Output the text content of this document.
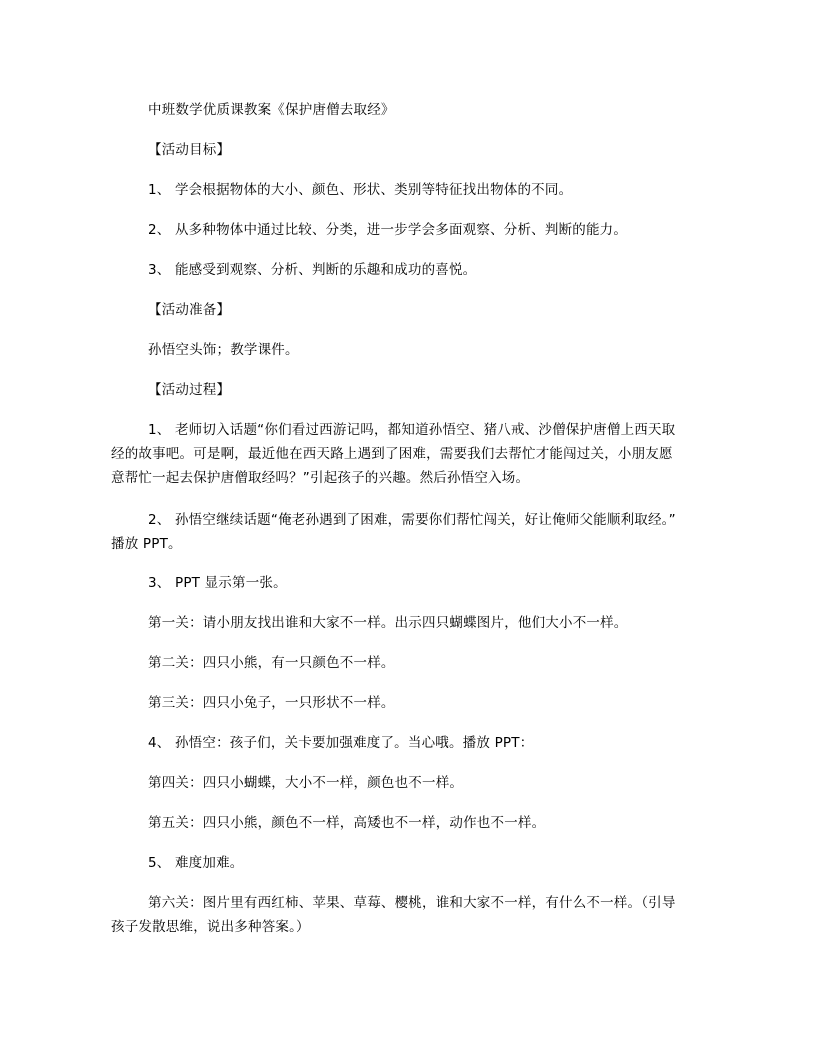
中班数学优质课教案《保护唐僧去取经》
【活动目标】
1、 学会根据物体的大小、颜色、形状、类别等特征找出物体的不同。
2、 从多种物体中通过比较、分类，进一步学会多面观察、分析、判断的能力。
3、 能感受到观察、分析、判断的乐趣和成功的喜悦。
【活动准备】
孙悟空头饰；教学课件。
【活动过程】
1、 老师切入话题“你们看过西游记吗，都知道孙悟空、猪八戒、沙僧保护唐僧上西天取
经的故事吧。可是啊，最近他在西天路上遇到了困难，需要我们去帮忙才能闯过关，小朋友愿
意帮忙一起去保护唐僧取经吗？”引起孩子的兴趣。然后孙悟空入场。
2、 孙悟空继续话题“俺老孙遇到了困难，需要你们帮忙闯关，好让俺师父能顺利取经。”
播放 PPT。
3、 PPT 显示第一张。
第一关：请小朋友找出谁和大家不一样。出示四只蝴蝶图片，他们大小不一样。
第二关：四只小熊，有一只颜色不一样。
第三关：四只小兔子，一只形状不一样。
4、 孙悟空：孩子们，关卡要加强难度了。当心哦。播放 PPT：
第四关：四只小蝴蝶，大小不一样，颜色也不一样。
第五关：四只小熊，颜色不一样，高矮也不一样，动作也不一样。
5、 难度加难。
第六关：图片里有西红柿、苹果、草莓、樱桃，谁和大家不一样，有什么不一样。（引导
孩子发散思维，说出多种答案。）
